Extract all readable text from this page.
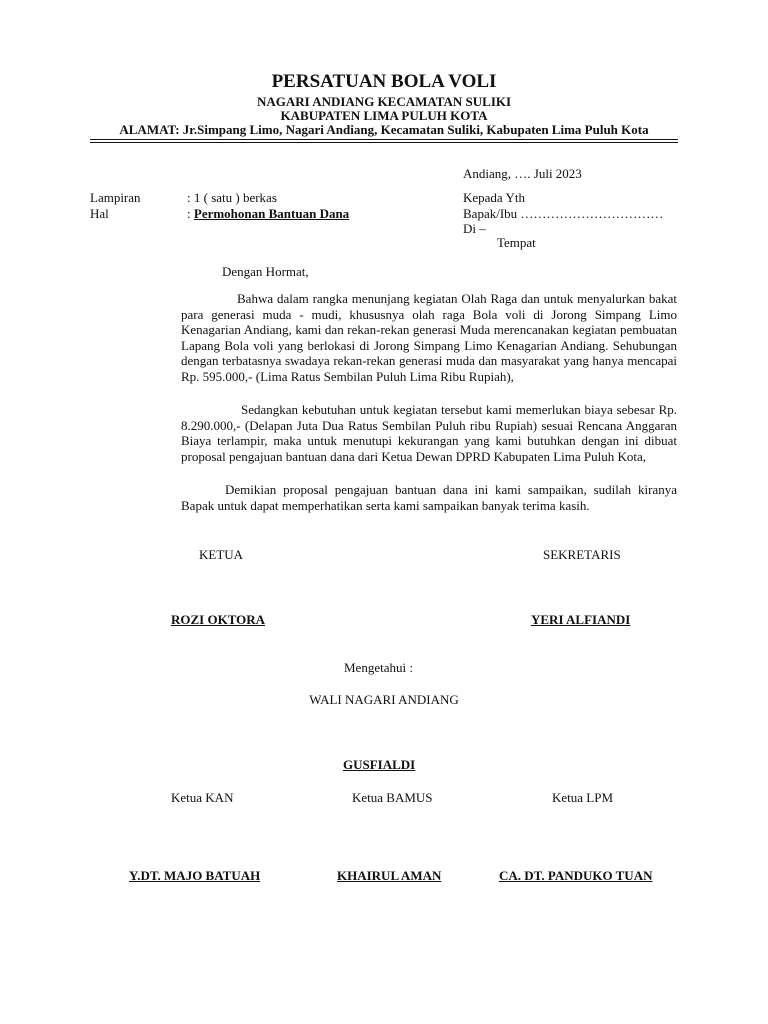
PERSATUAN BOLA VOLI
NAGARI ANDIANG KECAMATAN SULIKI
KABUPATEN LIMA PULUH KOTA
ALAMAT: Jr.Simpang Limo, Nagari Andiang, Kecamatan Suliki, Kabupaten Lima Puluh Kota
Andiang, …. Juli 2023
Lampiran	: 1 ( satu ) berkas
Hal	: Permohonan Bantuan Dana
Kepada Yth
Bapak/Ibu ……………………………
Di –
Tempat
Dengan Hormat,
Bahwa dalam rangka menunjang kegiatan Olah Raga dan untuk menyalurkan bakat para generasi muda - mudi, khususnya olah raga Bola voli di Jorong Simpang Limo Kenagarian Andiang, kami dan rekan-rekan generasi Muda merencanakan kegiatan pembuatan Lapang Bola voli yang berlokasi di Jorong Simpang Limo Kenagarian Andiang. Sehubungan dengan terbatasnya swadaya rekan-rekan generasi muda dan masyarakat yang hanya mencapai Rp. 595.000,- (Lima Ratus Sembilan Puluh Lima Ribu Rupiah),
Sedangkan kebutuhan untuk kegiatan tersebut kami memerlukan biaya sebesar Rp. 8.290.000,- (Delapan Juta Dua Ratus Sembilan Puluh ribu Rupiah) sesuai Rencana Anggaran Biaya terlampir, maka untuk menutupi kekurangan yang kami butuhkan dengan ini dibuat proposal pengajuan bantuan dana dari Ketua Dewan DPRD Kabupaten Lima Puluh Kota,
Demikian proposal pengajuan bantuan dana ini kami sampaikan, sudilah kiranya Bapak untuk dapat memperhatikan serta kami sampaikan banyak terima kasih.
KETUA	SEKRETARIS
ROZI OKTORA	YERI ALFIANDI
Mengetahui :
WALI NAGARI ANDIANG
GUSFIALDI
Ketua KAN	Ketua BAMUS	Ketua LPM
Y.DT. MAJO BATUAH	KHAIRUL AMAN	CA. DT. PANDUKO TUAN
